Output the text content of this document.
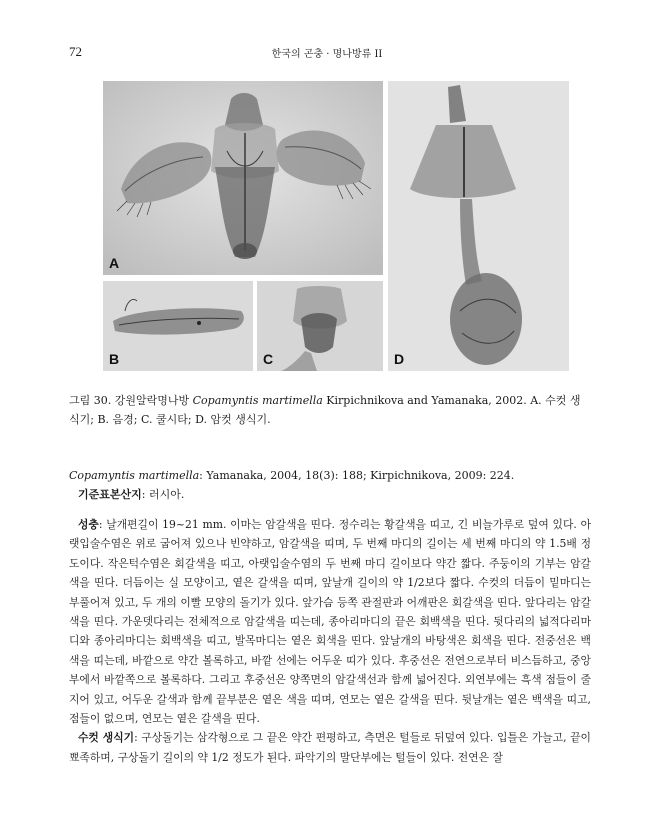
72	한국의 곤충 · 명나방류 II
A
B	C	D
그림 30. 강원알락명나방 Copamyntis martimella Kirpichnikova and Yamanaka, 2002. A. 수컷 생식기; B. 음경; C. 쿨시타; D. 암컷 생식기.
Copamyntis martimella: Yamanaka, 2004, 18(3): 188; Kirpichnikova, 2009: 224.
기준표본산지: 러시아.

성충: 날개편길이 19~21 mm. 이마는 암갈색을 띤다. 정수리는 황갈색을 띠고, 긴 비늘가루로 덮여 있다. 아랫입술수염은 위로 굽어져 있으나 빈약하고, 암갈색을 띠며, 두 번째 마디의 길이는 세 번째 마디의 약 1.5배 정도이다. 작은턱수염은 회갈색을 띠고, 아랫입술수염의 두 번째 마디 길이보다 약간 짧다. 주둥이의 기부는 암갈색을 띤다. 더듬이는 실 모양이고, 옅은 갈색을 띠며, 앞날개 길이의 약 1/2보다 짧다. 수컷의 더듬이 밑마디는 부풀어져 있고, 두 개의 이빨 모양의 돌기가 있다. 앞가슴 등쪽 관절판과 어깨판은 회갈색을 띤다. 앞다리는 암갈색을 띤다. 가운뎃다리는 전체적으로 암갈색을 띠는데, 종아리마디의 끝은 회백색을 띤다. 뒷다리의 넓적다리마디와 종아리마디는 회백색을 띠고, 발목마디는 옅은 회색을 띤다. 앞날개의 바탕색은 회색을 띤다. 전중선은 백색을 띠는데, 바깥으로 약간 볼록하고, 바깥 선에는 어두운 띠가 있다. 후중선은 전연으로부터 비스듬하고, 중앙부에서 바깥쪽으로 볼록하다. 그리고 후중선은 양쪽면의 암갈색선과 함께 넓어진다. 외연부에는 흑색 점들이 줄지어 있고, 어두운 갈색과 함께 끝부분은 옅은 색을 띠며, 연모는 옅은 갈색을 띤다. 뒷날개는 옅은 백색을 띠고, 점들이 없으며, 연모는 옅은 갈색을 띤다.

수컷 생식기: 구상돌기는 삼각형으로 그 끝은 약간 편평하고, 측면은 털들로 뒤덮여 있다. 입틀은 가늘고, 끝이 뾰족하며, 구상돌기 길이의 약 1/2 정도가 된다. 파악기의 말단부에는 털들이 있다. 전연은 잘
